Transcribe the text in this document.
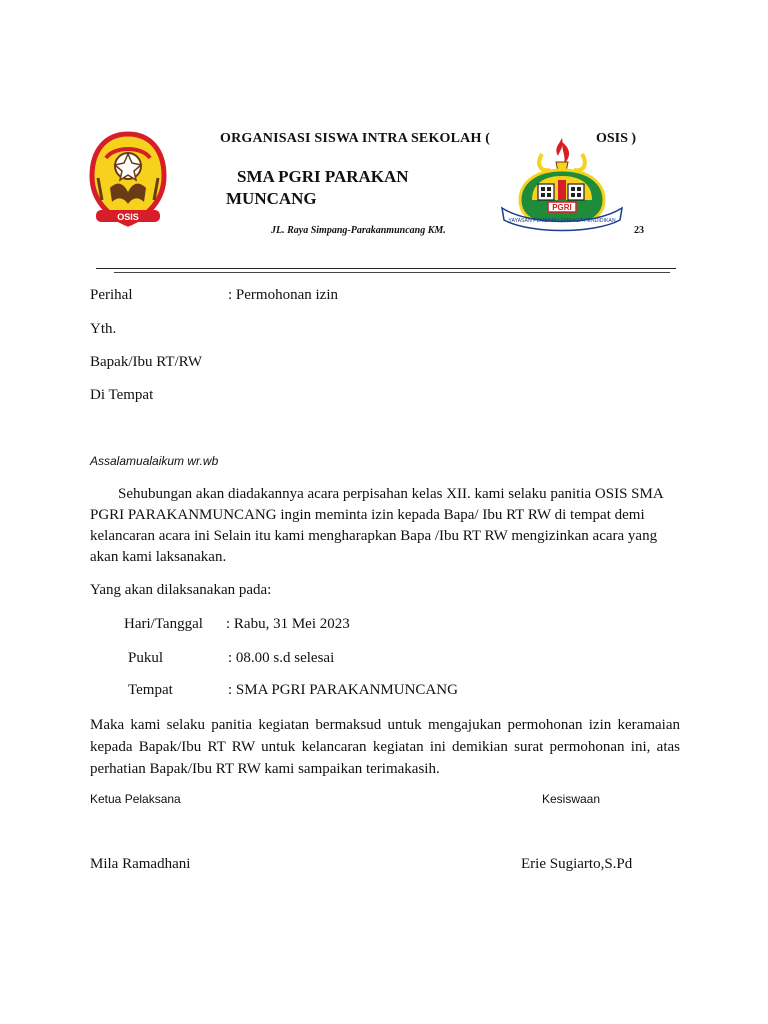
OSIS
ORGANISASI SISWA INTRA SEKOLAH (	OSIS )
SMA PGRI PARAKAN
MUNCANG
JL. Raya Simpang-Parakanmuncang KM.	23
PGRI
YAYASAN PEMBINA LEMBAGA PENDIDIKAN
Perihal	: Permohonan izin
Yth.
Bapak/Ibu RT/RW
Di Tempat
Assalamualaikum wr.wb
Sehubungan akan diadakannya acara perpisahan kelas XII. kami selaku panitia OSIS SMA
PGRI PARAKANMUNCANG ingin meminta izin kepada Bapa/ Ibu RT RW di tempat demi
kelancaran acara ini Selain itu kami mengharapkan Bapa /Ibu RT RW mengizinkan acara yang
akan kami laksanakan.
Yang akan dilaksanakan pada:
Hari/Tanggal : Rabu, 31 Mei 2023
Pukul	: 08.00 s.d selesai
Tempat	: SMA PGRI PARAKANMUNCANG
Maka kami selaku panitia kegiatan bermaksud untuk mengajukan permohonan izin keramaian
kepada Bapak/Ibu RT RW untuk kelancaran kegiatan ini demikian surat permohonan ini, atas
perhatian Bapak/Ibu RT RW kami sampaikan terimakasih.
Ketua Pelaksana	Kesiswaan
Mila Ramadhani	Erie Sugiarto,S.Pd
